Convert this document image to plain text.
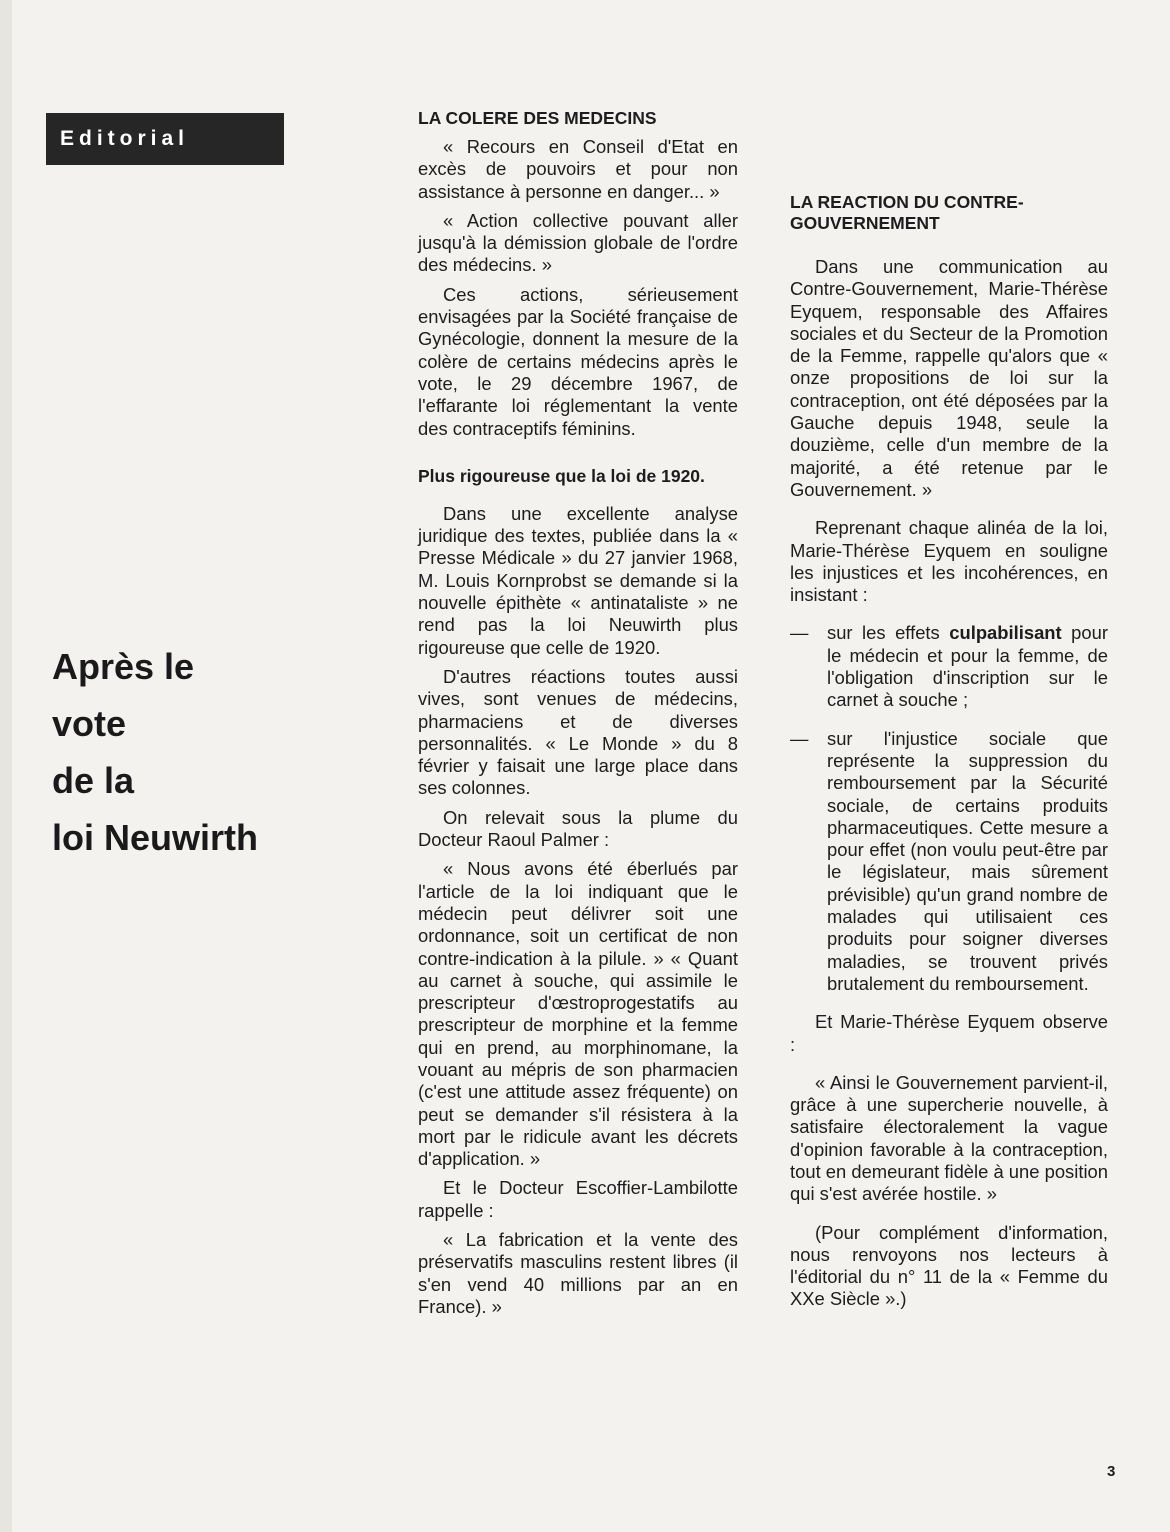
Editorial
Après le
vote
de la
loi Neuwirth
LA COLERE DES MEDECINS

« Recours en Conseil d'Etat en excès de pouvoirs et pour non assistance à personne en danger... »

« Action collective pouvant aller jusqu'à la démission globale de l'ordre des médecins. »

Ces actions, sérieusement envisagées par la Société française de Gynécologie, donnent la mesure de la colère de certains médecins après le vote, le 29 décembre 1967, de l'effarante loi réglementant la vente des contraceptifs féminins.

Plus rigoureuse que la loi de 1920.

Dans une excellente analyse juridique des textes, publiée dans la « Presse Médicale » du 27 janvier 1968, M. Louis Kornprobst se demande si la nouvelle épithète « antinataliste » ne rend pas la loi Neuwirth plus rigoureuse que celle de 1920.

D'autres réactions toutes aussi vives, sont venues de médecins, pharmaciens et de diverses personnalités. « Le Monde » du 8 février y faisait une large place dans ses colonnes.

On relevait sous la plume du Docteur Raoul Palmer :

« Nous avons été éberlués par l'article de la loi indiquant que le médecin peut délivrer soit une ordonnance, soit un certificat de non contre-indication à la pilule. » « Quant au carnet à souche, qui assimile le prescripteur d'œstroprogestatifs au prescripteur de morphine et la femme qui en prend, au morphinomane, la vouant au mépris de son pharmacien (c'est une attitude assez fréquente) on peut se demander s'il résistera à la mort par le ridicule avant les décrets d'application. »

Et le Docteur Escoffier-Lambilotte rappelle :

« La fabrication et la vente des préservatifs masculins restent libres (il s'en vend 40 millions par an en France). »

LA REACTION DU CONTRE-GOUVERNEMENT

Dans une communication au Contre-Gouvernement, Marie-Thérèse Eyquem, responsable des Affaires sociales et du Secteur de la Promotion de la Femme, rappelle qu'alors que « onze propositions de loi sur la contraception, ont été déposées par la Gauche depuis 1948, seule la douzième, celle d'un membre de la majorité, a été retenue par le Gouvernement. »

Reprenant chaque alinéa de la loi, Marie-Thérèse Eyquem en souligne les injustices et les incohérences, en insistant :

—	sur les effets culpabilisant pour le médecin et pour la femme, de l'obligation d'inscription sur le carnet à souche ;
—	sur l'injustice sociale que représente la suppression du remboursement par la Sécurité sociale, de certains produits pharmaceutiques. Cette mesure a pour effet (non voulu peut-être par le législateur, mais sûrement prévisible) qu'un grand nombre de malades qui utilisaient ces produits pour soigner diverses maladies, se trouvent privés brutalement du remboursement.

Et Marie-Thérèse Eyquem observe :

« Ainsi le Gouvernement parvient-il, grâce à une supercherie nouvelle, à satisfaire électoralement la vague d'opinion favorable à la contraception, tout en demeurant fidèle à une position qui s'est avérée hostile. »

(Pour complément d'information, nous renvoyons nos lecteurs à l'éditorial du n° 11 de la « Femme du XXe Siècle ».)

3
